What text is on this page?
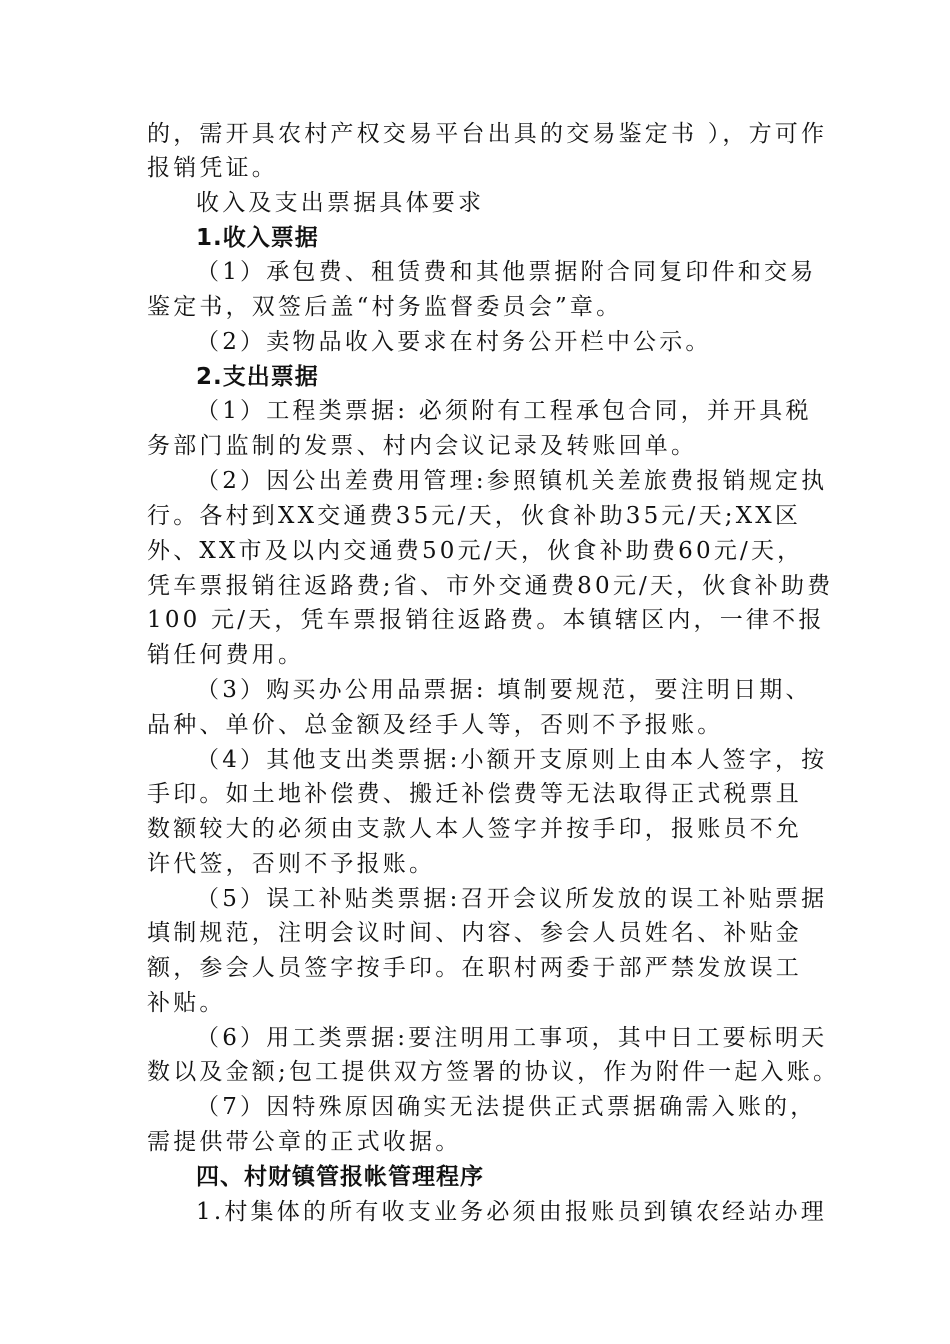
的，需开具农村产权交易平台出具的交易鉴定书 ），方可作
报销凭证。
收入及支出票据具体要求
1.收入票据
（1）承包费、租赁费和其他票据附合同复印件和交易
鉴定书，双签后盖“村务监督委员会”章。
（2）卖物品收入要求在村务公开栏中公示。
2.支出票据
（1）工程类票据: 必须附有工程承包合同，并开具税
务部门监制的发票、村内会议记录及转账回单。
（2）因公出差费用管理:参照镇机关差旅费报销规定执
行。各村到XX交通费35元/天，伙食补助35元/天;XX区
外、XX市及以内交通费50元/天，伙食补助费60元/天，
凭车票报销往返路费;省、市外交通费80元/天，伙食补助费
100 元/天，凭车票报销往返路费。本镇辖区内，一律不报
销任何费用。
（3）购买办公用品票据: 填制要规范，要注明日期、
品种、单价、总金额及经手人等，否则不予报账。
（4）其他支出类票据:小额开支原则上由本人签字，按
手印。如土地补偿费、搬迁补偿费等无法取得正式税票且
数额较大的必须由支款人本人签字并按手印，报账员不允
许代签，否则不予报账。
（5）误工补贴类票据:召开会议所发放的误工补贴票据
填制规范，注明会议时间、内容、参会人员姓名、补贴金
额，参会人员签字按手印。在职村两委于部严禁发放误工
补贴。
（6）用工类票据:要注明用工事项，其中日工要标明天
数以及金额;包工提供双方签署的协议，作为附件一起入账。
（7）因特殊原因确实无法提供正式票据确需入账的，
需提供带公章的正式收据。
四、村财镇管报帐管理程序
1.村集体的所有收支业务必须由报账员到镇农经站办理
